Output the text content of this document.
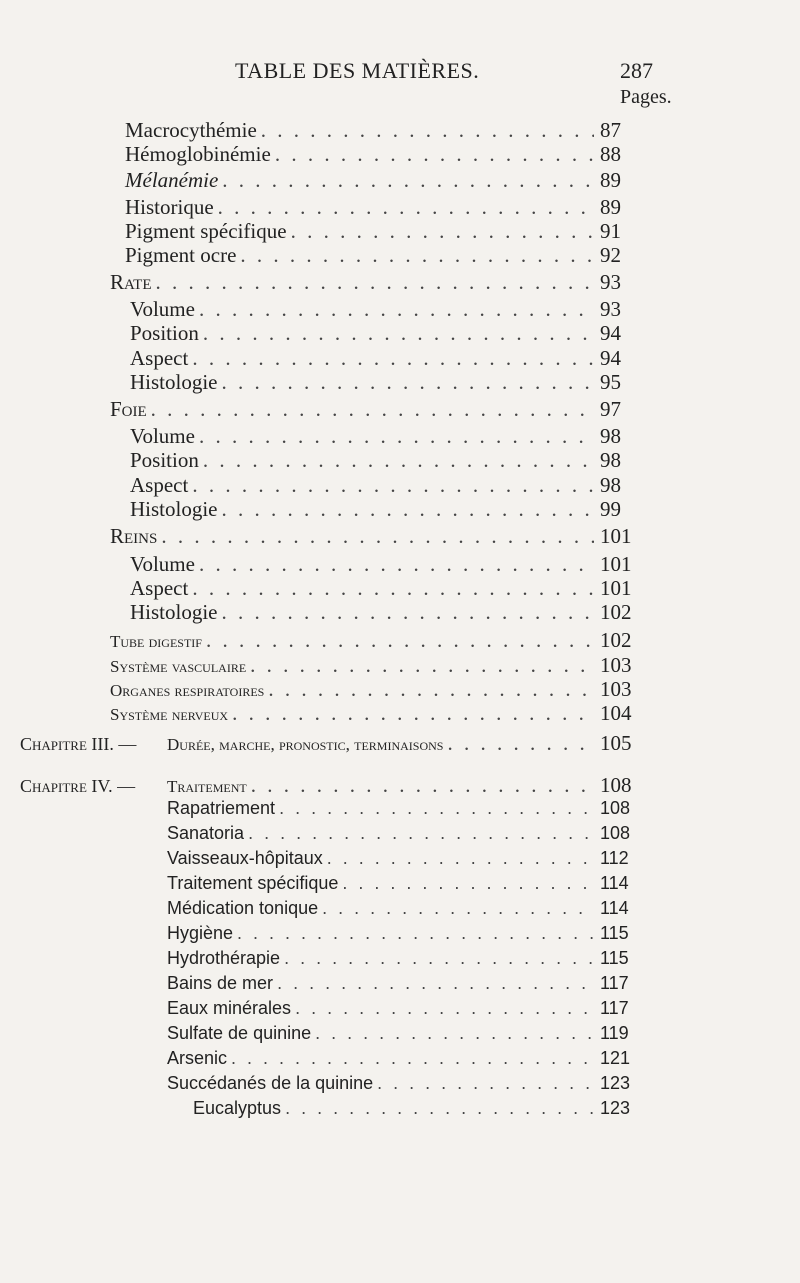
TABLE DES MATIÈRES.	287
Pages.
Macrocythémie . . .	87
Hémoglobinémie . . .	88
Mélanémie . . .	89
Historique . . .	89
Pigment spécifique . . .	91
Pigment ocre . . .	92
Rate . . .	93
Volume . . .	93
Position . . .	94
Aspect . . .	94
Histologie . . .	95
Foie . . .	97
Volume . . .	98
Position . . .	98
Aspect . . .	98
Histologie . . .	99
Reins . . .	101
Volume . . .	101
Aspect . . .	101
Histologie . . .	102
Tube digestif . . .	102
Système vasculaire . . .	103
Organes respiratoires . . .	103
Système nerveux . . .	104
Chapitre III. —	Durée, marche, pronostic, terminaisons . . .	105
Chapitre IV. —	Traitement . . .	108
Rapatriement . . .	108
Sanatoria . . .	108
Vaisseaux-hôpitaux . . .	112
Traitement spécifique . . .	114
Médication tonique . . .	114
Hygiène . . .	115
Hydrothérapie . . .	115
Bains de mer . . .	117
Eaux minérales . . .	117
Sulfate de quinine . . .	119
Arsenic . . .	121
Succédanés de la quinine . . .	123
Eucalyptus . . .	123
